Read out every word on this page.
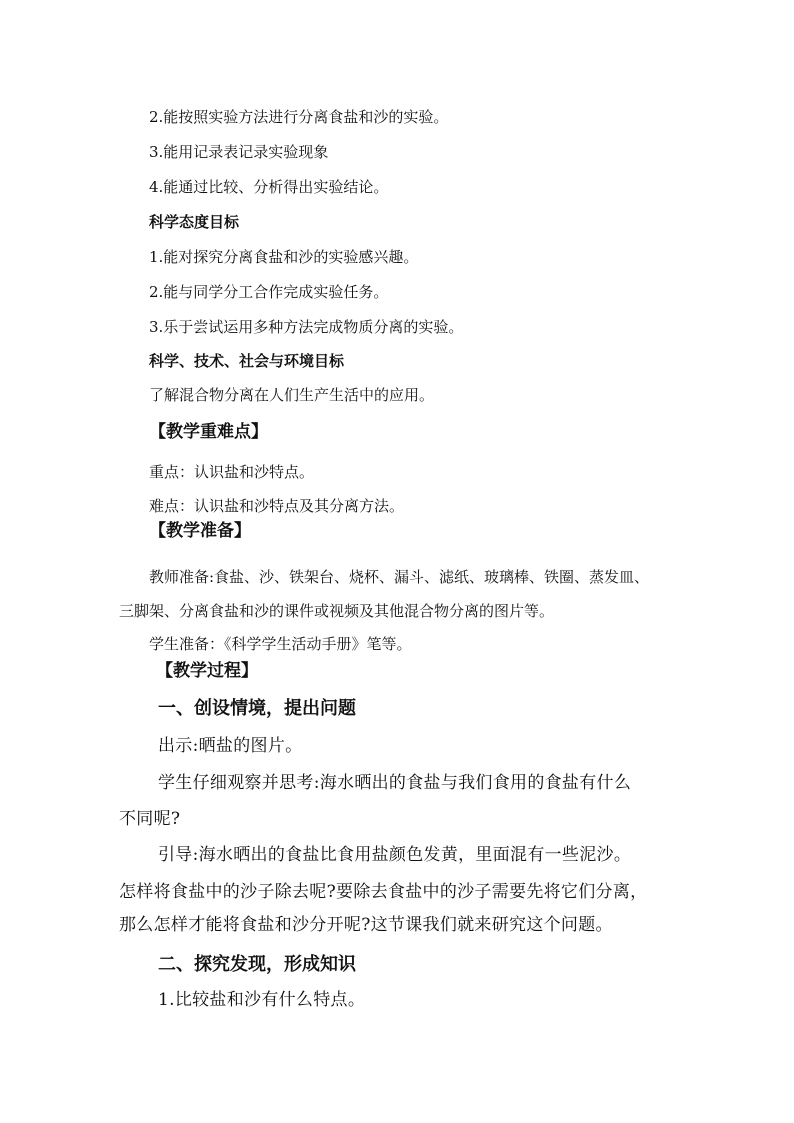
2.能按照实验方法进行分离食盐和沙的实验。
3.能用记录表记录实验现象
4.能通过比较、分析得出实验结论。
科学态度目标
1.能对探究分离食盐和沙的实验感兴趣。
2.能与同学分工合作完成实验任务。
3.乐于尝试运用多种方法完成物质分离的实验。
科学、技术、社会与环境目标
了解混合物分离在人们生产生活中的应用。
【教学重难点】
重点：认识盐和沙特点。
难点：认识盐和沙特点及其分离方法。
【教学准备】
教师准备:食盐、沙、铁架台、烧杯、漏斗、滤纸、玻璃棒、铁圈、蒸发皿、
三脚架、分离食盐和沙的课件或视频及其他混合物分离的图片等。
学生准备：《科学学生活动手册》笔等。
【教学过程】
一、创设情境，提出问题
出示:晒盐的图片。
学生仔细观察并思考:海水晒出的食盐与我们食用的食盐有什么
不同呢?
引导:海水晒出的食盐比食用盐颜色发黄，里面混有一些泥沙。
怎样将食盐中的沙子除去呢?要除去食盐中的沙子需要先将它们分离，
那么怎样才能将食盐和沙分开呢?这节课我们就来研究这个问题。
二、探究发现，形成知识
1.比较盐和沙有什么特点。
